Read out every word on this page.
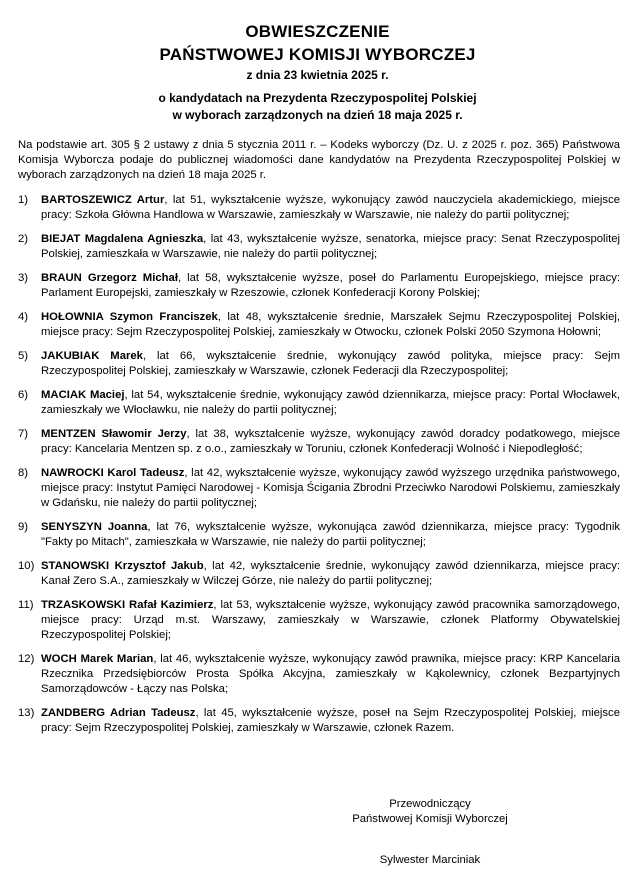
OBWIESZCZENIE
PAŃSTWOWEJ KOMISJI WYBORCZEJ
z dnia 23 kwietnia 2025 r.
o kandydatach na Prezydenta Rzeczypospolitej Polskiej
w wyborach zarządzonych na dzień 18 maja 2025 r.
Na podstawie art. 305 § 2 ustawy z dnia 5 stycznia 2011 r. – Kodeks wyborczy (Dz. U. z 2025 r. poz. 365) Państwowa Komisja Wyborcza podaje do publicznej wiadomości dane kandydatów na Prezydenta Rzeczypospolitej Polskiej w wyborach zarządzonych na dzień 18 maja 2025 r.
1) BARTOSZEWICZ Artur, lat 51, wykształcenie wyższe, wykonujący zawód nauczyciela akademickiego, miejsce pracy: Szkoła Główna Handlowa w Warszawie, zamieszkały w Warszawie, nie należy do partii politycznej;
2) BIEJAT Magdalena Agnieszka, lat 43, wykształcenie wyższe, senatorka, miejsce pracy: Senat Rzeczypospolitej Polskiej, zamieszkała w Warszawie, nie należy do partii politycznej;
3) BRAUN Grzegorz Michał, lat 58, wykształcenie wyższe, poseł do Parlamentu Europejskiego, miejsce pracy: Parlament Europejski, zamieszkały w Rzeszowie, członek Konfederacji Korony Polskiej;
4) HOŁOWNIA Szymon Franciszek, lat 48, wykształcenie średnie, Marszałek Sejmu Rzeczypospolitej Polskiej, miejsce pracy: Sejm Rzeczypospolitej Polskiej, zamieszkały w Otwocku, członek Polski 2050 Szymona Hołowni;
5) JAKUBIAK Marek, lat 66, wykształcenie średnie, wykonujący zawód polityka, miejsce pracy: Sejm Rzeczypospolitej Polskiej, zamieszkały w Warszawie, członek Federacji dla Rzeczypospolitej;
6) MACIAK Maciej, lat 54, wykształcenie średnie, wykonujący zawód dziennikarza, miejsce pracy: Portal Włocławek, zamieszkały we Włocławku, nie należy do partii politycznej;
7) MENTZEN Sławomir Jerzy, lat 38, wykształcenie wyższe, wykonujący zawód doradcy podatkowego, miejsce pracy: Kancelaria Mentzen sp. z o.o., zamieszkały w Toruniu, członek Konfederacji Wolność i Niepodległość;
8) NAWROCKI Karol Tadeusz, lat 42, wykształcenie wyższe, wykonujący zawód wyższego urzędnika państwowego, miejsce pracy: Instytut Pamięci Narodowej - Komisja Ścigania Zbrodni Przeciwko Narodowi Polskiemu, zamieszkały w Gdańsku, nie należy do partii politycznej;
9) SENYSZYN Joanna, lat 76, wykształcenie wyższe, wykonująca zawód dziennikarza, miejsce pracy: Tygodnik "Fakty po Mitach", zamieszkała w Warszawie, nie należy do partii politycznej;
10) STANOWSKI Krzysztof Jakub, lat 42, wykształcenie średnie, wykonujący zawód dziennikarza, miejsce pracy: Kanał Zero S.A., zamieszkały w Wilczej Górze, nie należy do partii politycznej;
11) TRZASKOWSKI Rafał Kazimierz, lat 53, wykształcenie wyższe, wykonujący zawód pracownika samorządowego, miejsce pracy: Urząd m.st. Warszawy, zamieszkały w Warszawie, członek Platformy Obywatelskiej Rzeczypospolitej Polskiej;
12) WOCH Marek Marian, lat 46, wykształcenie wyższe, wykonujący zawód prawnika, miejsce pracy: KRP Kancelaria Rzecznika Przedsiębiorców Prosta Spółka Akcyjna, zamieszkały w Kąkolewnicy, członek Bezpartyjnych Samorządowców - Łączy nas Polska;
13) ZANDBERG Adrian Tadeusz, lat 45, wykształcenie wyższe, poseł na Sejm Rzeczypospolitej Polskiej, miejsce pracy: Sejm Rzeczypospolitej Polskiej, zamieszkały w Warszawie, członek Razem.
Przewodniczący
Państwowej Komisji Wyborczej
Sylwester Marciniak
